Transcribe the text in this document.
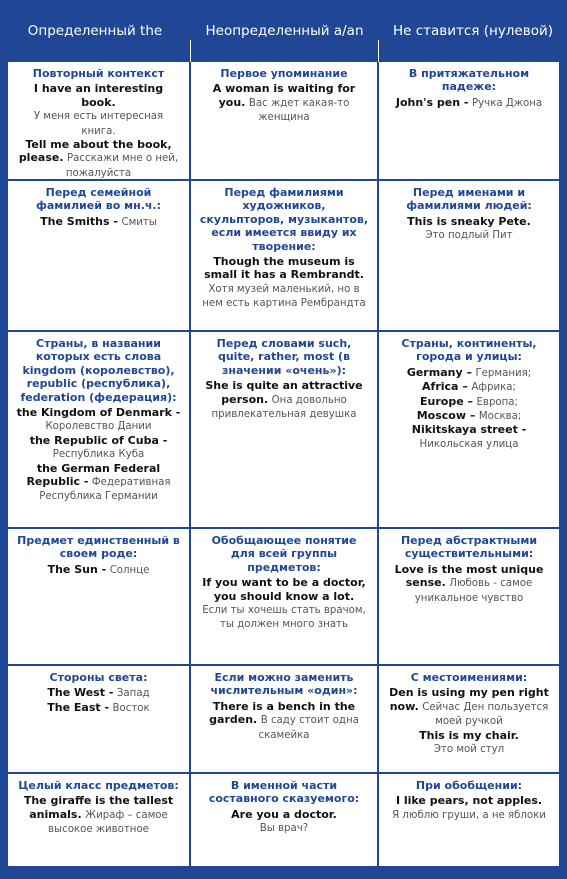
Определенный the	Неопределенный a/an	Не ставится (нулевой)
Повторный контекст
I have an interesting book.
У меня есть интересная книга.
Tell me about the book, please. Расскажи мне о ней, пожалуйста
Первое упоминание
A woman is waiting for you. Вас ждет какая-то женщина
В притяжательном падеже:
John's pen - Ручка Джона
Перед семейной фамилией во мн.ч.:
The Smiths - Смиты
Перед фамилиями художников, скульпторов, музыкантов, если имеется ввиду их творение:
Though the museum is small it has a Rembrandt.
Хотя музей маленький, но в нем есть картина Рембрандта
Перед именами и фамилиями людей:
This is sneaky Pete.
Это подлый Пит
Страны, в названии которых есть слова kingdom (королевство), republic (республика), federation (федерация):
the Kingdom of Denmark - Королевство Дании
the Republic of Cuba - Республика Куба
the German Federal Republic - Федеративная Республика Германии
Перед словами such, quite, rather, most (в значении «очень»):
She is quite an attractive person. Она довольно привлекательная девушка
Страны, континенты, города и улицы:
Germany – Германия;
Africa – Африка;
Europe – Европа;
Moscow – Москва;
Nikitskaya street - Никольская улица
Предмет единственный в своем роде:
The Sun - Солнце
Обобщающее понятие для всей группы предметов:
If you want to be a doctor, you should know a lot.
Если ты хочешь стать врачом, ты должен много знать
Перед абстрактными существительными:
Love is the most unique sense. Любовь - самое уникальное чувство
Стороны света:
The West - Запад
The East - Восток
Если можно заменить числительным «один»:
There is a bench in the garden. В саду стоит одна скамейка
С местоимениями:
Den is using my pen right now. Сейчас Ден пользуется моей ручкой
This is my chair.
Это мой стул
Целый класс предметов:
The giraffe is the tallest animals. Жираф – самое высокое животное
В именной части составного сказуемого:
Are you a doctor.
Вы врач?
При обобщении:
I like pears, not apples.
Я люблю груши, а не яблоки
